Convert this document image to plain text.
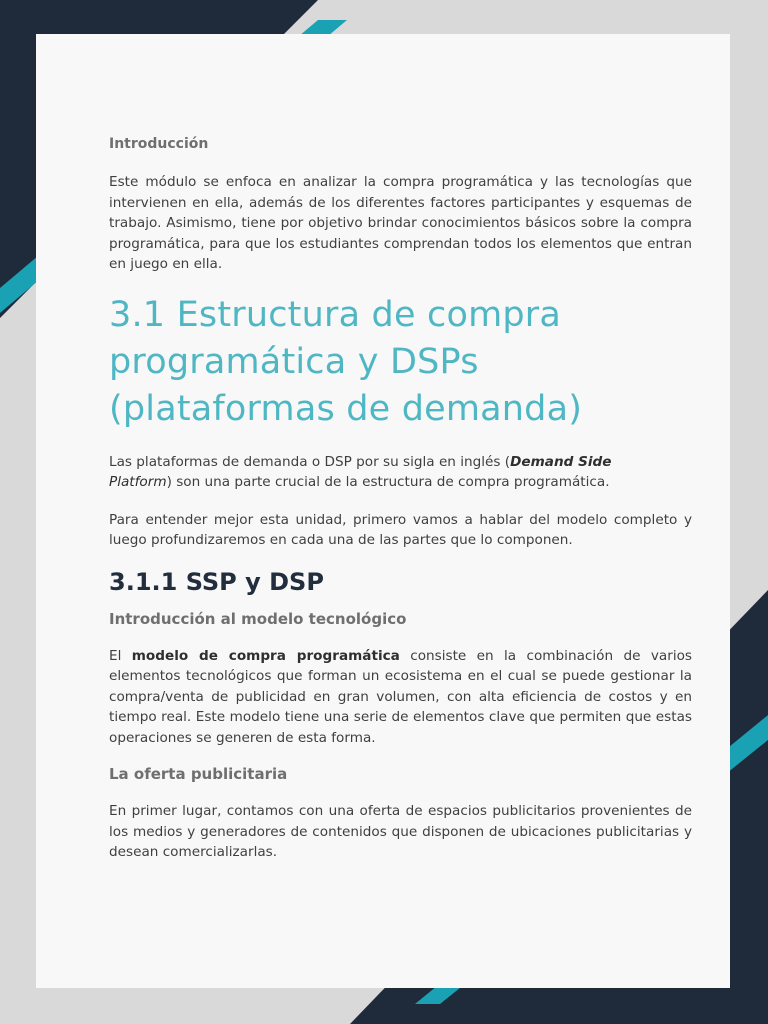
Introducción

Este módulo se enfoca en analizar la compra programática y las tecnologías que intervienen en ella, además de los diferentes factores participantes y esquemas de trabajo. Asimismo, tiene por objetivo brindar conocimientos básicos sobre la compra programática, para que los estudiantes comprendan todos los elementos que entran en juego en ella.

3.1 Estructura de compra programática y DSPs (plataformas de demanda)

Las plataformas de demanda o DSP por su sigla en inglés (Demand Side
Platform) son una parte crucial de la estructura de compra programática.

Para entender mejor esta unidad, primero vamos a hablar del modelo completo y luego profundizaremos en cada una de las partes que lo componen.

3.1.1 SSP y DSP
Introducción al modelo tecnológico

El modelo de compra programática consiste en la combinación de varios elementos tecnológicos que forman un ecosistema en el cual se puede gestionar la compra/venta de publicidad en gran volumen, con alta eficiencia de costos y en tiempo real. Este modelo tiene una serie de elementos clave que permiten que estas operaciones se generen de esta forma.

La oferta publicitaria

En primer lugar, contamos con una oferta de espacios publicitarios provenientes de los medios y generadores de contenidos que disponen de ubicaciones publicitarias y desean comercializarlas.
